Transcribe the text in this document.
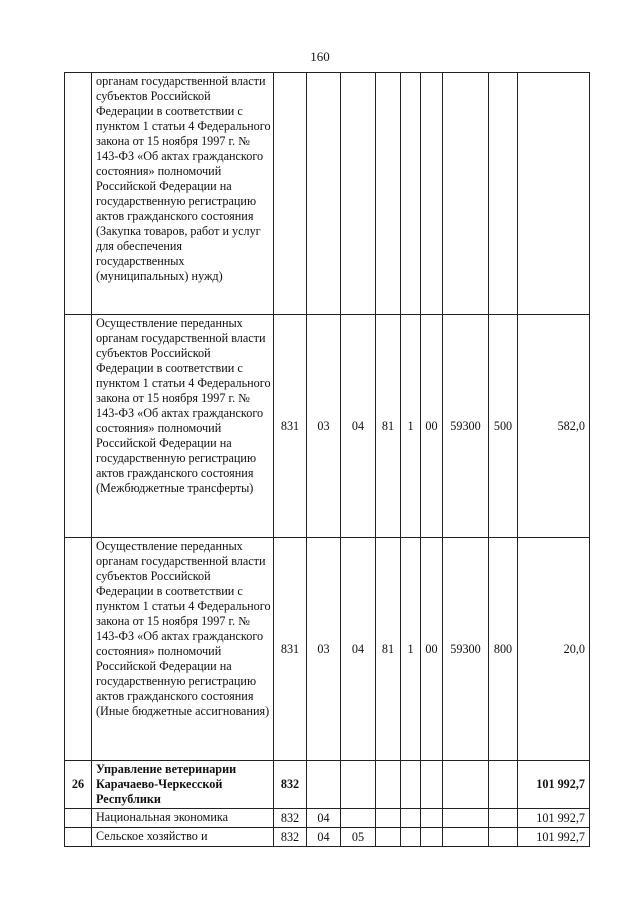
160
	органам государственной власти субъектов Российской Федерации в соответствии с пунктом 1 статьи 4 Федерального закона от 15 ноября 1997 г. № 143-ФЗ «Об актах гражданского состояния» полномочий Российской Федерации на государственную регистрацию актов гражданского состояния (Закупка товаров, работ и услуг для обеспечения государственных (муниципальных) нужд)									
	Осуществление переданных органам государственной власти субъектов Российской Федерации в соответствии с пунктом 1 статьи 4 Федерального закона от 15 ноября 1997 г. № 143-ФЗ «Об актах гражданского состояния» полномочий Российской Федерации на государственную регистрацию актов гражданского состояния (Межбюджетные трансферты)	831	03	04	81	1	00	59300	500	582,0
	Осуществление переданных органам государственной власти субъектов Российской Федерации в соответствии с пунктом 1 статьи 4 Федерального закона от 15 ноября 1997 г. № 143-ФЗ «Об актах гражданского состояния» полномочий Российской Федерации на государственную регистрацию актов гражданского состояния (Иные бюджетные ассигнования)	831	03	04	81	1	00	59300	800	20,0
26	Управление ветеринарии Карачаево-Черкесской Республики	832								101 992,7
	Национальная экономика	832	04							101 992,7
	Сельское хозяйство и	832	04	05						101 992,7
